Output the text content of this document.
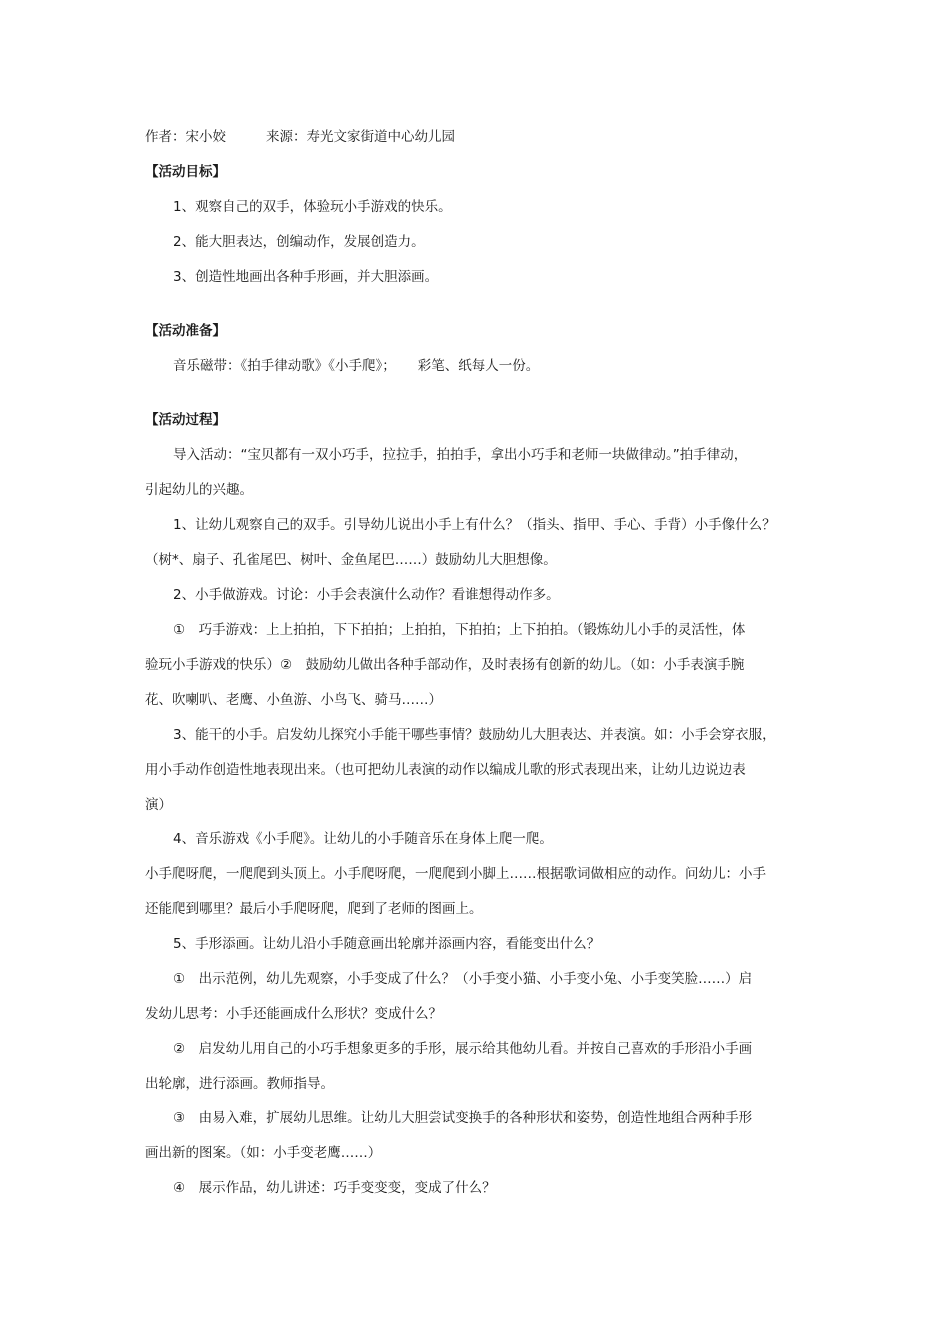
作者：宋小姣	来源：寿光文家街道中心幼儿园
【活动目标】
1、观察自己的双手，体验玩小手游戏的快乐。
2、能大胆表达，创编动作，发展创造力。
3、创造性地画出各种手形画，并大胆添画。
【活动准备】
音乐磁带：《拍手律动歌》《小手爬》； 彩笔、纸每人一份。
【活动过程】
导入活动：“宝贝都有一双小巧手，拉拉手，拍拍手，拿出小巧手和老师一块做律动。”拍手律动，
引起幼儿的兴趣。
1、让幼儿观察自己的双手。引导幼儿说出小手上有什么？（指头、指甲、手心、手背）小手像什么？
（树*、扇子、孔雀尾巴、树叶、金鱼尾巴……）鼓励幼儿大胆想像。
2、小手做游戏。讨论：小手会表演什么动作？看谁想得动作多。
①　巧手游戏：上上拍拍，下下拍拍；上拍拍，下拍拍；上下拍拍。（锻炼幼儿小手的灵活性，体
验玩小手游戏的快乐）②　鼓励幼儿做出各种手部动作，及时表扬有创新的幼儿。（如：小手表演手腕
花、吹喇叭、老鹰、小鱼游、小鸟飞、骑马……）
3、能干的小手。启发幼儿探究小手能干哪些事情？鼓励幼儿大胆表达、并表演。如：小手会穿衣服，
用小手动作创造性地表现出来。（也可把幼儿表演的动作以编成儿歌的形式表现出来，让幼儿边说边表
演）
4、音乐游戏《小手爬》。让幼儿的小手随音乐在身体上爬一爬。
小手爬呀爬，一爬爬到头顶上。小手爬呀爬，一爬爬到小脚上……根据歌词做相应的动作。问幼儿：小手
还能爬到哪里？最后小手爬呀爬，爬到了老师的图画上。
5、手形添画。让幼儿沿小手随意画出轮廓并添画内容，看能变出什么？
①　出示范例，幼儿先观察，小手变成了什么？（小手变小猫、小手变小兔、小手变笑脸……）启
发幼儿思考：小手还能画成什么形状？变成什么？
②　启发幼儿用自己的小巧手想象更多的手形，展示给其他幼儿看。并按自己喜欢的手形沿小手画
出轮廓，进行添画。教师指导。
③　由易入难，扩展幼儿思维。让幼儿大胆尝试变换手的各种形状和姿势，创造性地组合两种手形
画出新的图案。（如：小手变老鹰……）
④　展示作品，幼儿讲述：巧手变变变，变成了什么？
